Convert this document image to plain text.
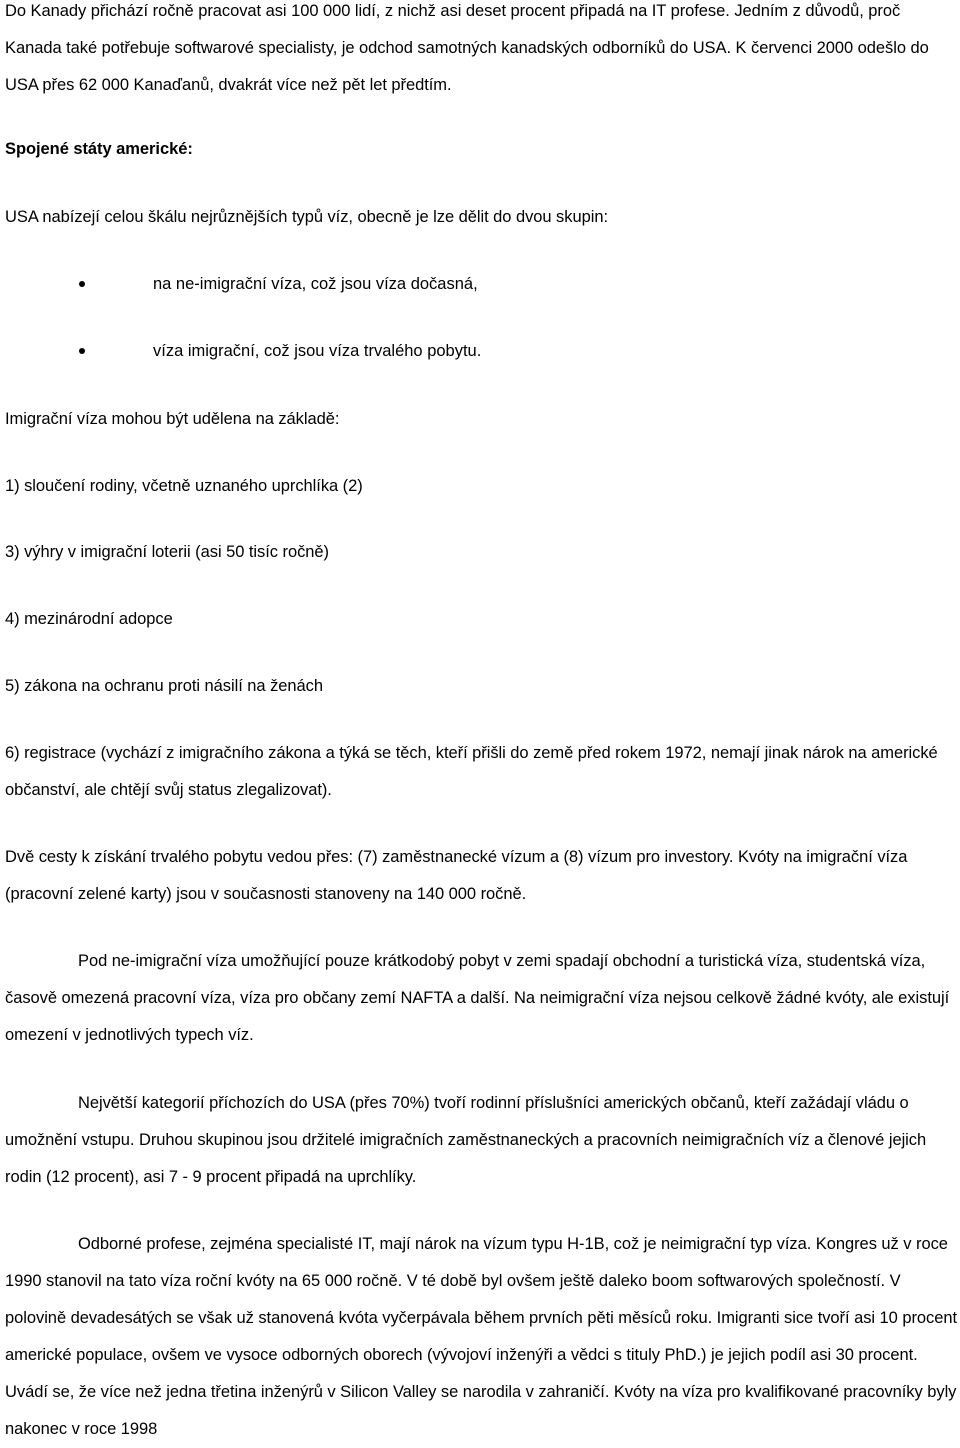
Do Kanady přichází ročně pracovat asi 100 000 lidí, z nichž asi deset procent připadá na IT profese. Jedním z důvodů, proč Kanada také potřebuje softwarové specialisty, je odchod samotných kanadských odborníků do USA. K červenci 2000 odešlo do USA přes 62 000 Kanaďanů, dvakrát více než pět let předtím.

Spojené státy americké:

USA nabízejí celou škálu nejrůznějších typů víz, obecně je lze dělit do dvou skupin:

na ne-imigrační víza, což jsou víza dočasná,
víza imigrační, což jsou víza trvalého pobytu.

Imigrační víza mohou být udělena na základě:

1) sloučení rodiny, včetně uznaného uprchlíka (2)

3) výhry v imigrační loterii (asi 50 tisíc ročně)

4) mezinárodní adopce

5) zákona na ochranu proti násilí na ženách

6) registrace (vychází z imigračního zákona a týká se těch, kteří přišli do země před rokem 1972, nemají jinak nárok na americké občanství, ale chtějí svůj status zlegalizovat).

Dvě cesty k získání trvalého pobytu vedou přes: (7) zaměstnanecké vízum a (8) vízum pro investory. Kvóty na imigrační víza (pracovní zelené karty) jsou v současnosti stanoveny na 140 000 ročně.

Pod ne-imigrační víza umožňující pouze krátkodobý pobyt v zemi spadají obchodní a turistická víza, studentská víza, časově omezená pracovní víza, víza pro občany zemí NAFTA a další. Na neimigrační víza nejsou celkově žádné kvóty, ale existují omezení v jednotlivých typech víz.

Největší kategorií příchozích do USA (přes 70%) tvoří rodinní příslušníci amerických občanů, kteří zažádají vládu o umožnění vstupu. Druhou skupinou jsou držitelé imigračních zaměstnaneckých a pracovních neimigračních víz a členové jejich rodin (12 procent), asi 7 - 9 procent připadá na uprchlíky.

Odborné profese, zejména specialisté IT, mají nárok na vízum typu H-1B, což je neimigrační typ víza. Kongres už v roce 1990 stanovil na tato víza roční kvóty na 65 000 ročně. V té době byl ovšem ještě daleko boom softwarových společností. V polovině devadesátých se však už stanovená kvóta vyčerpávala během prvních pěti měsíců roku. Imigranti sice tvoří asi 10 procent americké populace, ovšem ve vysoce odborných oborech (vývojoví inženýři a vědci s tituly PhD.) je jejich podíl asi 30 procent. Uvádí se, že více než jedna třetina inženýrů v Silicon Valley se narodila v zahraničí. Kvóty na víza pro kvalifikované pracovníky byly nakonec v roce 1998
